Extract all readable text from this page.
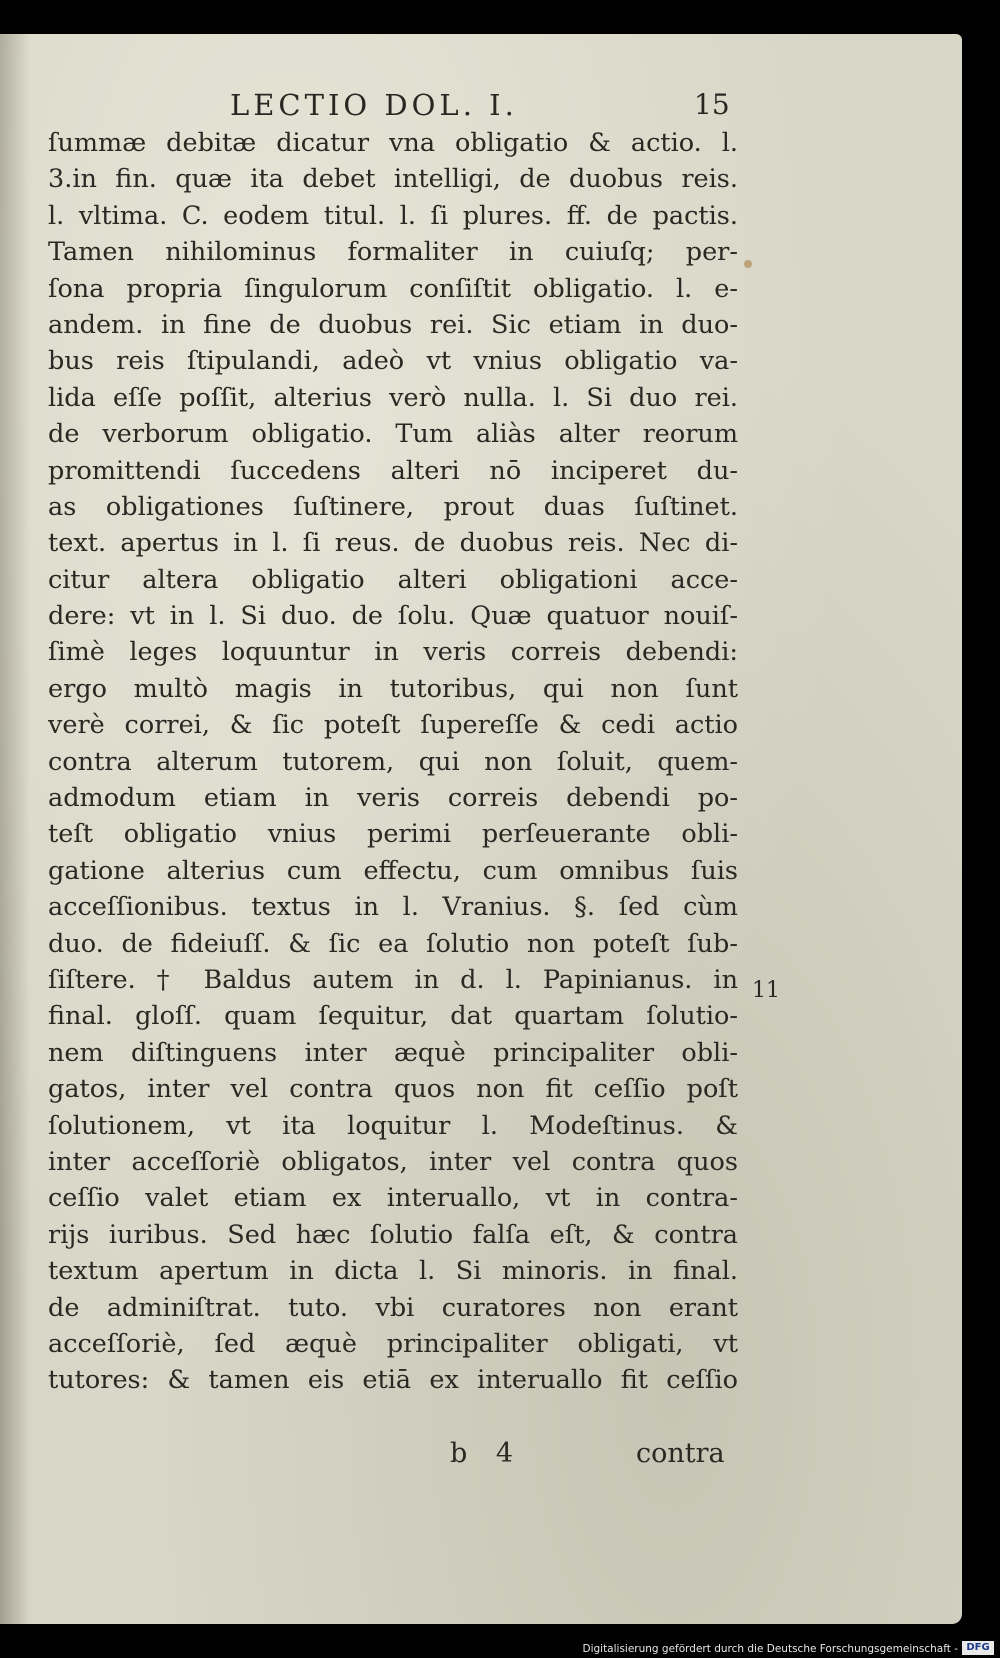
LECTIO DOL. I.	15
ſummæ debitæ dicatur vna obligatio & actio. l.
3.in fin. quæ ita debet intelligi, de duobus reis.
l. vltima. C. eodem titul. l. ſi plures. ff. de pactis.
Tamen nihilominus formaliter in cuiuſq; per-
ſona propria ſingulorum conſiſtit obligatio. l. e-
andem. in fine de duobus rei. Sic etiam in duo-
bus reis ſtipulandi, adeò vt vnius obligatio va-
lida eſſe poſſit, alterius verò nulla. l. Si duo rei.
de verborum obligatio. Tum aliàs alter reorum
promittendi ſuccedens alteri nō inciperet du-
as obligationes ſuſtinere, prout duas ſuſtinet.
text. apertus in l. ſi reus. de duobus reis. Nec di-
citur altera obligatio alteri obligationi acce-
dere: vt in l. Si duo. de ſolu. Quæ quatuor nouiſ-
ſimè leges loquuntur in veris correis debendi:
ergo multò magis in tutoribus, qui non ſunt
verè correi, & ſic poteſt ſupereſſe & cedi actio
contra alterum tutorem, qui non ſoluit, quem-
admodum etiam in veris correis debendi po-
teſt obligatio vnius perimi perſeuerante obli-
gatione alterius cum effectu, cum omnibus ſuis
acceſſionibus. textus in l. Vranius. §. ſed cùm
duo. de fideiuſſ. & ſic ea ſolutio non poteſt ſub-
ſiſtere. † Baldus autem in d. l. Papinianus. in
final. gloſſ. quam ſequitur, dat quartam ſolutio-
nem diſtinguens inter æquè principaliter obli-
gatos, inter vel contra quos non fit ceſſio poſt
ſolutionem, vt ita loquitur l. Modeſtinus. &
inter acceſſoriè obligatos, inter vel contra quos
ceſſio valet etiam ex interuallo, vt in contra-
rijs iuribus. Sed hæc ſolutio falſa eſt, & contra
textum apertum in dicta l. Si minoris. in final.
de adminiſtrat. tuto. vbi curatores non erant
acceſſoriè, ſed æquè principaliter obligati, vt
tutores: & tamen eis etiā ex interuallo fit ceſſio
11
b 4	contra
Digitalisierung gefördert durch die Deutsche Forschungsgemeinschaft - DFG
